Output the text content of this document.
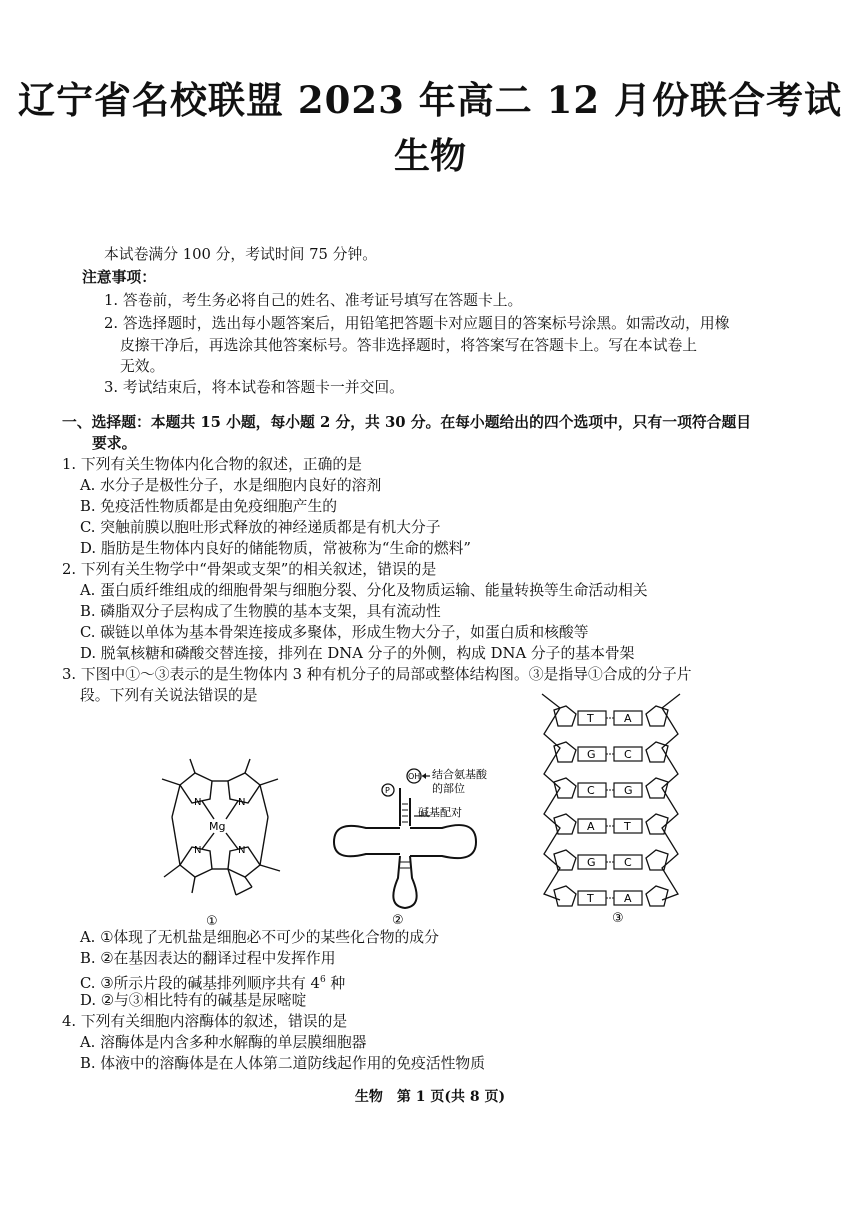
辽宁省名校联盟 2023 年高二 12 月份联合考试
生物
本试卷满分 100 分，考试时间 75 分钟。
注意事项：
1. 答卷前，考生务必将自己的姓名、准考证号填写在答题卡上。
2. 答选择题时，选出每小题答案后，用铅笔把答题卡对应题目的答案标号涂黑。如需改动，用橡
皮擦干净后，再选涂其他答案标号。答非选择题时，将答案写在答题卡上。写在本试卷上
无效。
3. 考试结束后，将本试卷和答题卡一并交回。
一、选择题：本题共 15 小题，每小题 2 分，共 30 分。在每小题给出的四个选项中，只有一项符合题目
要求。
1. 下列有关生物体内化合物的叙述，正确的是
A. 水分子是极性分子，水是细胞内良好的溶剂
B. 免疫活性物质都是由免疫细胞产生的
C. 突触前膜以胞吐形式释放的神经递质都是有机大分子
D. 脂肪是生物体内良好的储能物质，常被称为“生命的燃料”
2. 下列有关生物学中“骨架或支架”的相关叙述，错误的是
A. 蛋白质纤维组成的细胞骨架与细胞分裂、分化及物质运输、能量转换等生命活动相关
B. 磷脂双分子层构成了生物膜的基本支架，具有流动性
C. 碳链以单体为基本骨架连接成多聚体，形成生物大分子，如蛋白质和核酸等
D. 脱氧核糖和磷酸交替连接，排列在 DNA 分子的外侧，构成 DNA 分子的基本骨架
3. 下图中①～③表示的是生物体内 3 种有机分子的局部或整体结构图。③是指导①合成的分子片
段。下列有关说法错误的是
N	N
N	N
Mg
①
OH
P
结合氨基酸
的部位
碱基配对
②
T	A
G	C
C	G
A	T
G	C
T	A
③
A. ①体现了无机盐是细胞必不可少的某些化合物的成分
B. ②在基因表达的翻译过程中发挥作用
C. ③所示片段的碱基排列顺序共有 $4^6$ 种
D. ②与③相比特有的碱基是尿嘧啶
4. 下列有关细胞内溶酶体的叙述，错误的是
A. 溶酶体是内含多种水解酶的单层膜细胞器
B. 体液中的溶酶体是在人体第二道防线起作用的免疫活性物质
生物　第 1 页(共 8 页)
